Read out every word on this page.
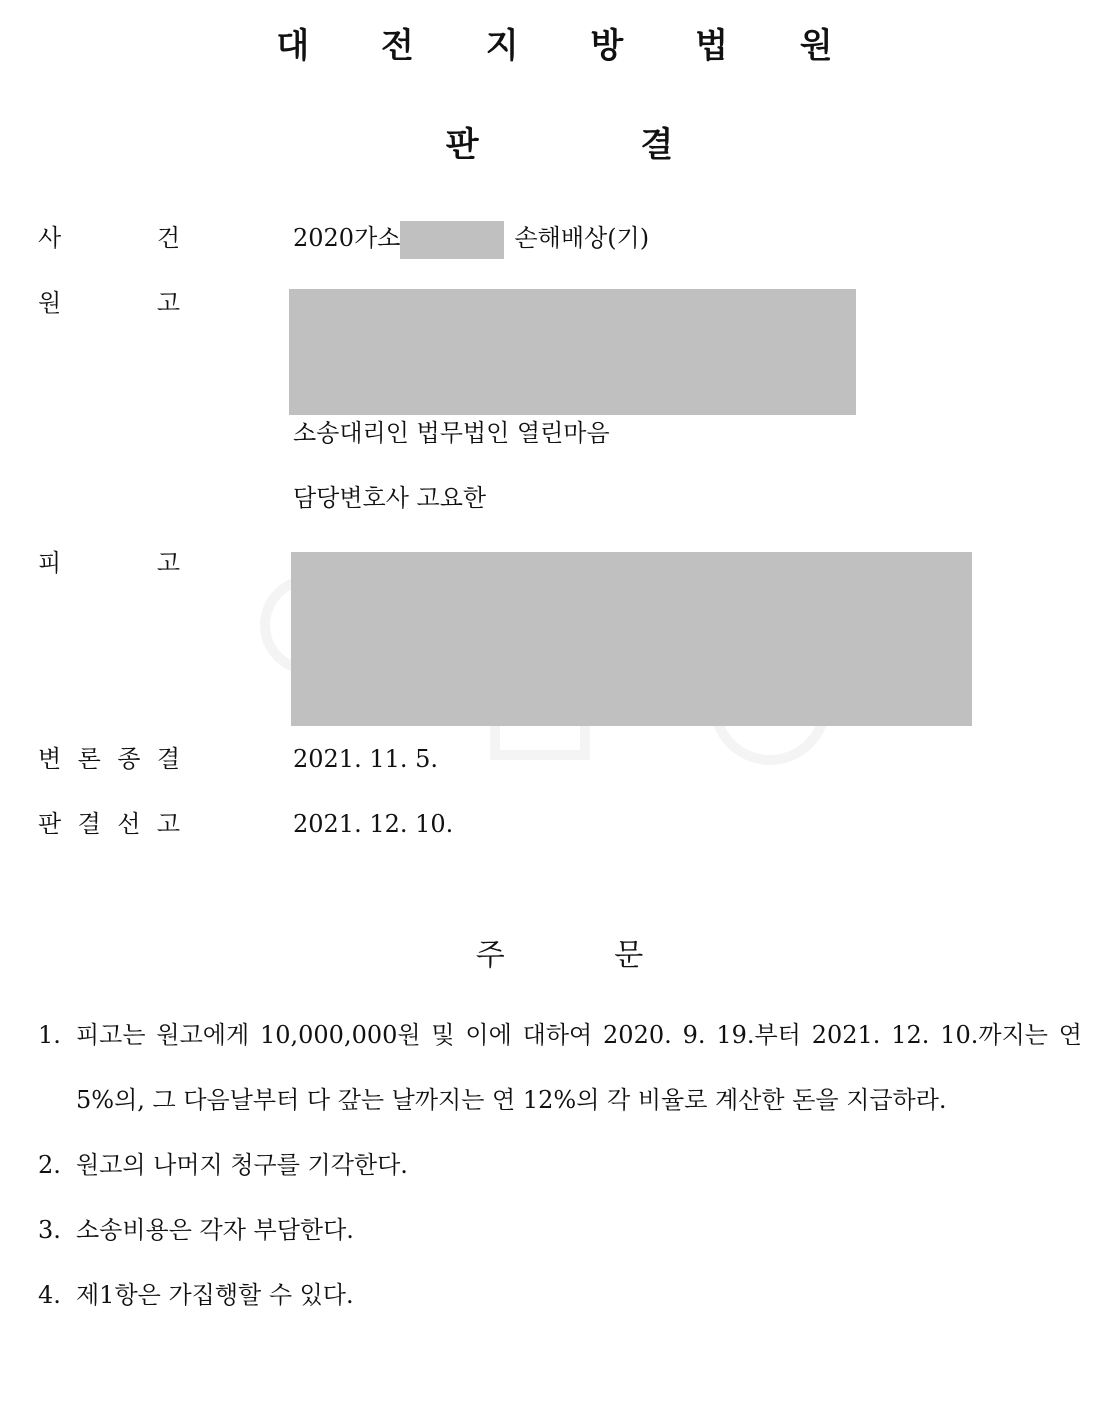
대 전 지 방 법 원
판 결
사 건	2020가소	손해배상(기)
원 고
소송대리인 법무법인 열린마음
담당변호사 고요한
피 고
변 론 종 결	2021. 11. 5.
판 결 선 고	2021. 12. 10.
주 문
1. 피고는 원고에게 10,000,000원 및 이에 대하여 2020. 9. 19.부터 2021. 12. 10.까지는 연 5%의, 그 다음날부터 다 갚는 날까지는 연 12%의 각 비율로 계산한 돈을 지급하라.
2. 원고의 나머지 청구를 기각한다.
3. 소송비용은 각자 부담한다.
4. 제1항은 가집행할 수 있다.
